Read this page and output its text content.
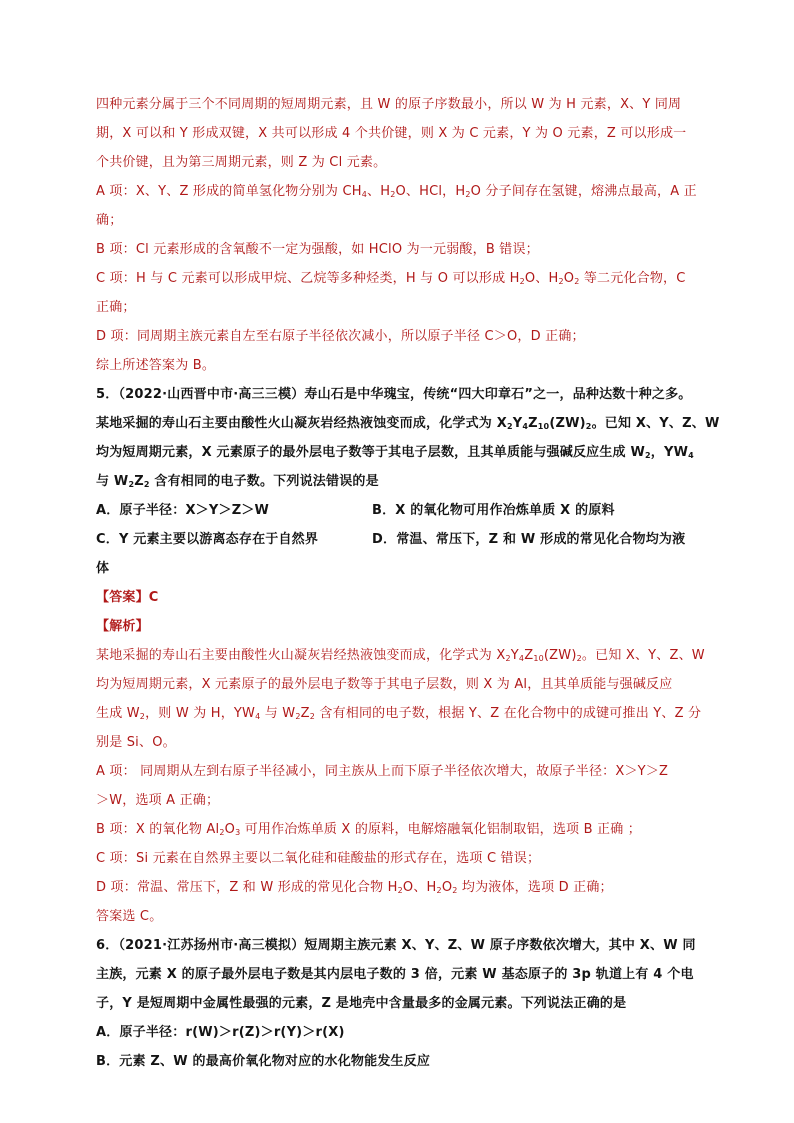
四种元素分属于三个不同周期的短周期元素，且 W 的原子序数最小，所以 W 为 H 元素，X、Y 同周
期，X 可以和 Y 形成双键，X 共可以形成 4 个共价键，则 X 为 C 元素，Y 为 O 元素，Z 可以形成一
个共价键，且为第三周期元素，则 Z 为 Cl 元素。
A 项：X、Y、Z 形成的简单氢化物分别为 $CH_4$、$H_2O$、HCl，$H_2O$ 分子间存在氢键，熔沸点最高，A 正
确；
B 项：Cl 元素形成的含氧酸不一定为强酸，如 HClO 为一元弱酸，B 错误；
C 项：H 与 C 元素可以形成甲烷、乙烷等多种烃类，H 与 O 可以形成 $H_2O$、$H_2O_2$ 等二元化合物，C
正确；
D 项：同周期主族元素自左至右原子半径依次减小，所以原子半径 C＞O，D 正确；
综上所述答案为 B。
5．（2022·山西晋中市·高三三模）寿山石是中华瑰宝，传统“四大印章石”之一，品种达数十种之多。
某地采掘的寿山石主要由酸性火山凝灰岩经热液蚀变而成，化学式为 $X_2Y_4Z_{10}(ZW)_2$。已知 X、Y、Z、W
均为短周期元素，X 元素原子的最外层电子数等于其电子层数，且其单质能与强碱反应生成 $W_2$，$YW_4$
与 $W_2Z_2$ 含有相同的电子数。下列说法错误的是
A．原子半径：X＞Y＞Z＞W	B．X 的氧化物可用作冶炼单质 X 的原料
C．Y 元素主要以游离态存在于自然界	D．常温、常压下，Z 和 W 形成的常见化合物均为液
体
【答案】C
【解析】
某地采掘的寿山石主要由酸性火山凝灰岩经热液蚀变而成，化学式为 $X_2Y_4Z_{10}(ZW)_2$。已知 X、Y、Z、W
均为短周期元素，X 元素原子的最外层电子数等于其电子层数，则 X 为 Al，且其单质能与强碱反应
生成 $W_2$，则 W 为 H，$YW_4$ 与 $W_2Z_2$ 含有相同的电子数，根据 Y、Z 在化合物中的成键可推出 Y、Z 分
别是 Si、O。
A 项： 同周期从左到右原子半径减小，同主族从上而下原子半径依次增大，故原子半径：X＞Y＞Z
＞W，选项 A 正确；
B 项：X 的氧化物 $Al_2O_3$ 可用作冶炼单质 X 的原料，电解熔融氧化铝制取铝，选项 B 正确 ；
C 项：Si 元素在自然界主要以二氧化硅和硅酸盐的形式存在，选项 C 错误；
D 项：常温、常压下，Z 和 W 形成的常见化合物 $H_2O$、$H_2O_2$ 均为液体，选项 D 正确；
答案选 C。
6．（2021·江苏扬州市·高三模拟）短周期主族元素 X、Y、Z、W 原子序数依次增大，其中 X、W 同
主族，元素 X 的原子最外层电子数是其内层电子数的 3 倍，元素 W 基态原子的 3p 轨道上有 4 个电
子，Y 是短周期中金属性最强的元素，Z 是地壳中含量最多的金属元素。下列说法正确的是
A．原子半径：r(W)＞r(Z)＞r(Y)＞r(X)
B．元素 Z、W 的最高价氧化物对应的水化物能发生反应
